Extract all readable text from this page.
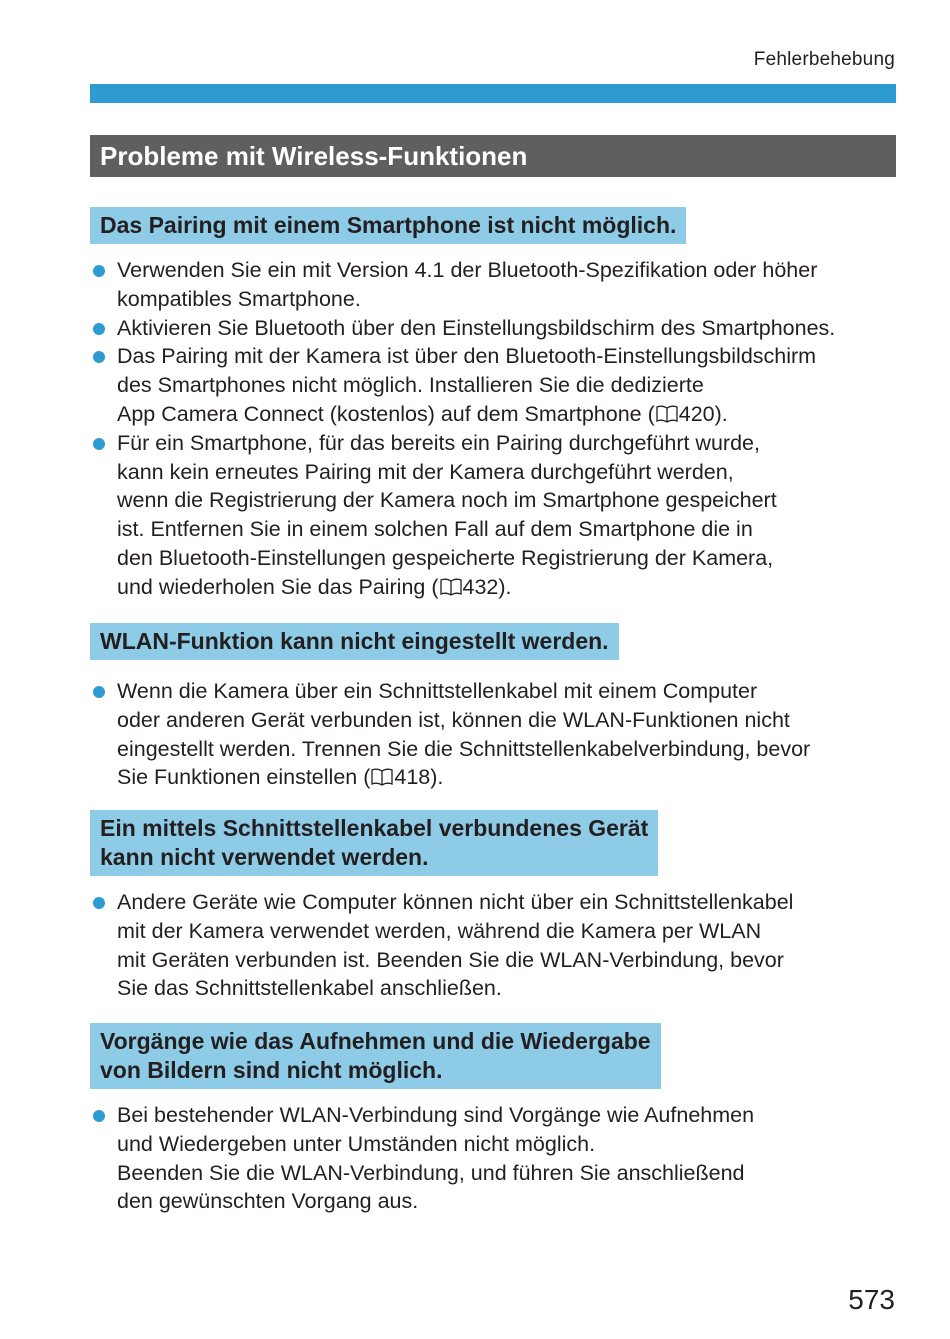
Fehlerbehebung
Probleme mit Wireless-Funktionen
Das Pairing mit einem Smartphone ist nicht möglich.
Verwenden Sie ein mit Version 4.1 der Bluetooth-Spezifikation oder höher
kompatibles Smartphone.
Aktivieren Sie Bluetooth über den Einstellungsbildschirm des Smartphones.
Das Pairing mit der Kamera ist über den Bluetooth-Einstellungsbildschirm
des Smartphones nicht möglich. Installieren Sie die dedizierte
App Camera Connect (kostenlos) auf dem Smartphone ( 420).
Für ein Smartphone, für das bereits ein Pairing durchgeführt wurde,
kann kein erneutes Pairing mit der Kamera durchgeführt werden,
wenn die Registrierung der Kamera noch im Smartphone gespeichert
ist. Entfernen Sie in einem solchen Fall auf dem Smartphone die in
den Bluetooth-Einstellungen gespeicherte Registrierung der Kamera,
und wiederholen Sie das Pairing ( 432).
WLAN-Funktion kann nicht eingestellt werden.
Wenn die Kamera über ein Schnittstellenkabel mit einem Computer
oder anderen Gerät verbunden ist, können die WLAN-Funktionen nicht
eingestellt werden. Trennen Sie die Schnittstellenkabelverbindung, bevor
Sie Funktionen einstellen ( 418).
Ein mittels Schnittstellenkabel verbundenes Gerät
kann nicht verwendet werden.
Andere Geräte wie Computer können nicht über ein Schnittstellenkabel
mit der Kamera verwendet werden, während die Kamera per WLAN
mit Geräten verbunden ist. Beenden Sie die WLAN-Verbindung, bevor
Sie das Schnittstellenkabel anschließen.
Vorgänge wie das Aufnehmen und die Wiedergabe
von Bildern sind nicht möglich.
Bei bestehender WLAN-Verbindung sind Vorgänge wie Aufnehmen
und Wiedergeben unter Umständen nicht möglich.
Beenden Sie die WLAN-Verbindung, und führen Sie anschließend
den gewünschten Vorgang aus.
573
